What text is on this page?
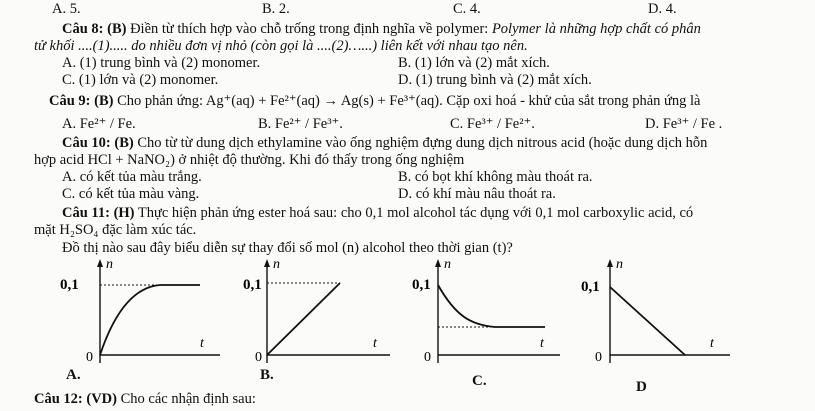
A. 5.	B. 2.	C. 4.	D. 4.
Câu 8: (B) Điền từ thích hợp vào chỗ trống trong định nghĩa về polymer: Polymer là những hợp chất có phân
tử khối ....(1)..... do nhiều đơn vị nhỏ (còn gọi là ....(2)…...) liên kết với nhau tạo nên.
A. (1) trung bình và (2) monomer.	B. (1) lớn và (2) mắt xích.
C. (1) lớn và (2) monomer.	D. (1) trung bình và (2) mắt xích.
Câu 9: (B) Cho phản ứng: Ag⁺(aq) + Fe²⁺(aq) → Ag(s) + Fe³⁺(aq). Cặp oxi hoá - khử của sắt trong phản ứng là
A. Fe²⁺ / Fe.	B. Fe²⁺ / Fe³⁺.	C. Fe³⁺ / Fe²⁺.	D. Fe³⁺ / Fe .
Câu 10: (B) Cho từ từ dung dịch ethylamine vào ống nghiệm đựng dung dịch nitrous acid (hoặc dung dịch hỗn
hợp acid HCl + NaNO₂) ở nhiệt độ thường. Khi đó thấy trong ống nghiệm
A. có kết tủa màu trắng.	B. có bọt khí không màu thoát ra.
C. có kết tủa màu vàng.	D. có khí màu nâu thoát ra.
Câu 11: (H) Thực hiện phản ứng ester hoá sau: cho 0,1 mol alcohol tác dụng với 0,1 mol carboxylic acid, có
mặt H₂SO₄ đặc làm xúc tác.
Đồ thị nào sau đây biểu diễn sự thay đổi số mol (n) alcohol theo thời gian (t)?
n
0,1
0
t
A.
n
0,1
0
t
B.
n
0,1
0
t
C.
n
0,1
0
t
D
Câu 12: (VD) Cho các nhận định sau:
